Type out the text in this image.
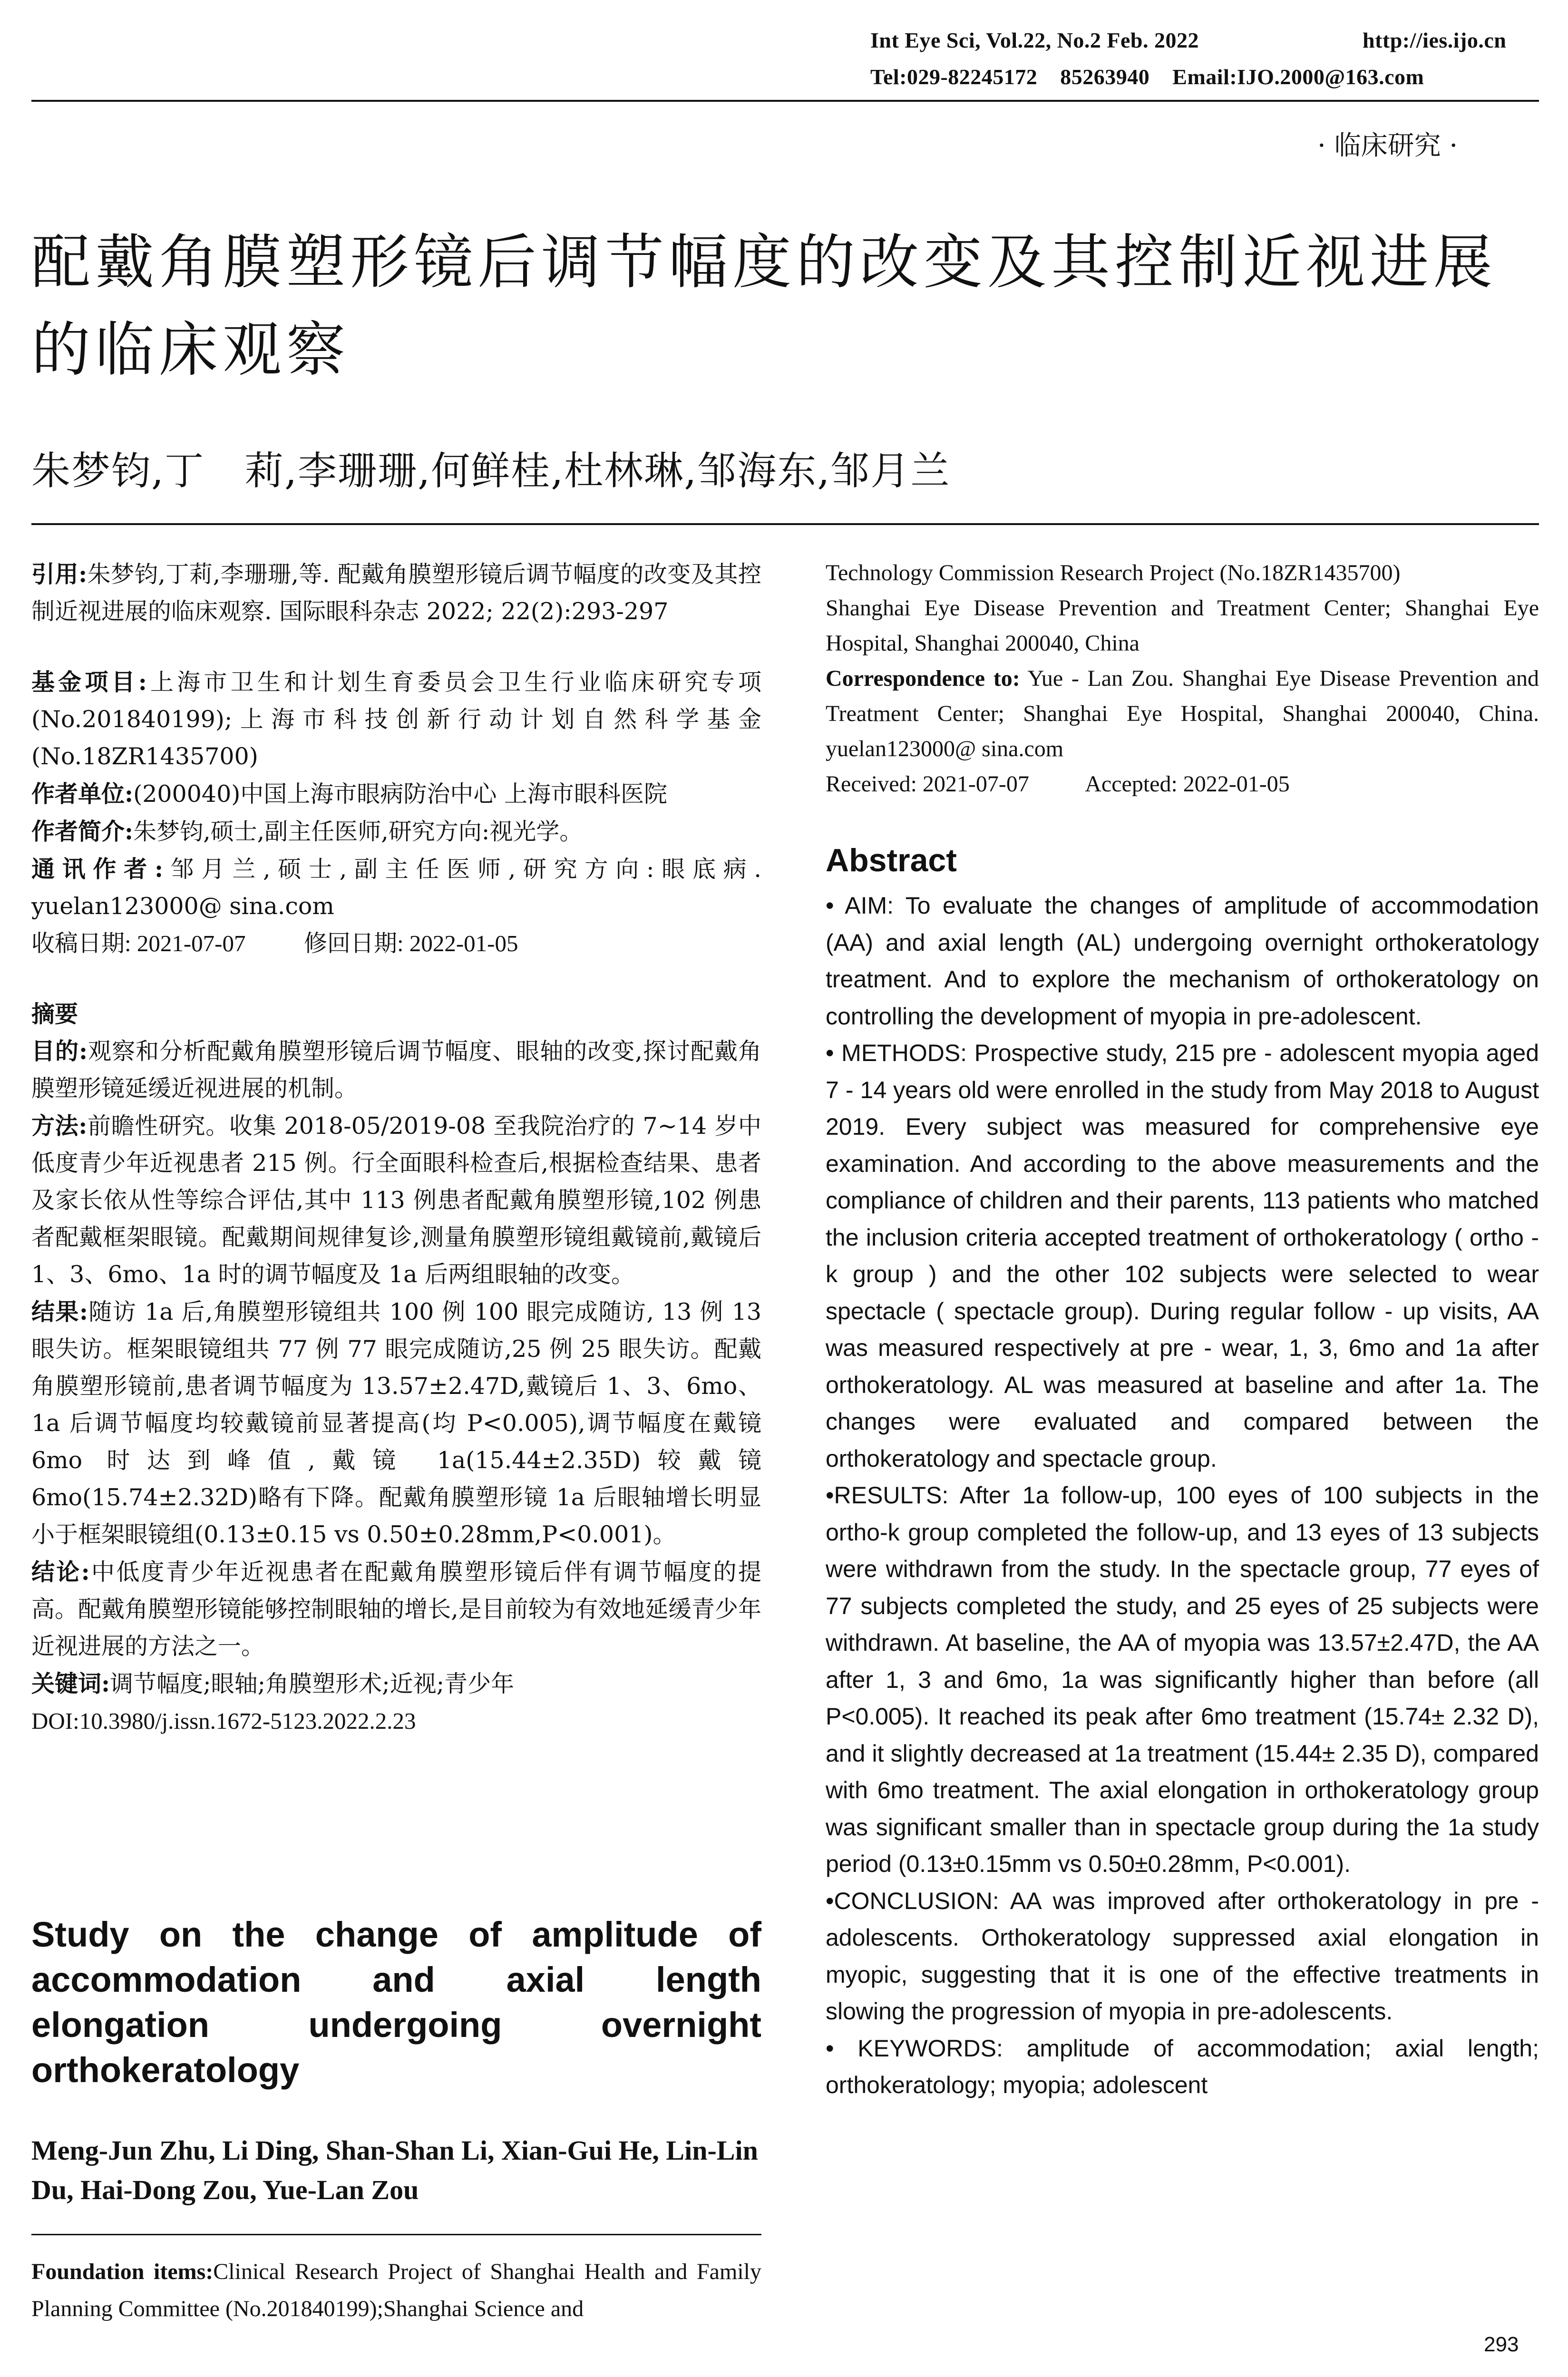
Int Eye Sci, Vol.22, No.2 Feb. 2022	http://ies.ijo.cn
Tel:029-82245172    85263940    Email:IJO.2000@163.com
· 临床研究 ·
配戴角膜塑形镜后调节幅度的改变及其控制近视进展的临床观察
朱梦钧,丁　莉,李珊珊,何鲜桂,杜林琳,邹海东,邹月兰

引用:朱梦钧,丁莉,李珊珊,等. 配戴角膜塑形镜后调节幅度的改变及其控制近视进展的临床观察. 国际眼科杂志 2022; 22(2):293-297

基金项目:上海市卫生和计划生育委员会卫生行业临床研究专项(No.201840199);上海市科技创新行动计划自然科学基金(No.18ZR1435700)

作者单位:(200040)中国上海市眼病防治中心 上海市眼科医院

作者简介:朱梦钧,硕士,副主任医师,研究方向:视光学。

通讯作者:邹月兰,硕士,副主任医师,研究方向:眼底病. yuelan123000@ sina.com

收稿日期: 2021-07-07	修回日期: 2022-01-05

摘要

目的:观察和分析配戴角膜塑形镜后调节幅度、眼轴的改变,探讨配戴角膜塑形镜延缓近视进展的机制。

方法:前瞻性研究。收集 2018-05/2019-08 至我院治疗的 7~14 岁中低度青少年近视患者 215 例。行全面眼科检查后,根据检查结果、患者及家长依从性等综合评估,其中 113 例患者配戴角膜塑形镜,102 例患者配戴框架眼镜。配戴期间规律复诊,测量角膜塑形镜组戴镜前,戴镜后 1、3、6mo、1a 时的调节幅度及 1a 后两组眼轴的改变。

结果:随访 1a 后,角膜塑形镜组共 100 例 100 眼完成随访, 13 例 13 眼失访。框架眼镜组共 77 例 77 眼完成随访,25 例 25 眼失访。配戴角膜塑形镜前,患者调节幅度为 13.57±2.47D,戴镜后 1、3、6mo、1a 后调节幅度均较戴镜前显著提高(均 P<0.005),调节幅度在戴镜 6mo 时达到峰值,戴镜 1a(15.44±2.35D)较戴镜 6mo(15.74±2.32D)略有下降。配戴角膜塑形镜 1a 后眼轴增长明显小于框架眼镜组(0.13±0.15 vs 0.50±0.28mm,P<0.001)。

结论:中低度青少年近视患者在配戴角膜塑形镜后伴有调节幅度的提高。配戴角膜塑形镜能够控制眼轴的增长,是目前较为有效地延缓青少年近视进展的方法之一。

关键词:调节幅度;眼轴;角膜塑形术;近视;青少年

DOI:10.3980/j.issn.1672-5123.2022.2.23

Study on the change of amplitude of accommodation and axial length elongation undergoing overnight orthokeratology
Meng-Jun Zhu, Li Ding, Shan-Shan Li, Xian-Gui He, Lin-Lin Du, Hai-Dong Zou, Yue-Lan Zou

Foundation items:Clinical Research Project of Shanghai Health and Family Planning Committee (No.201840199);Shanghai Science and

Technology Commission Research Project (No.18ZR1435700)

Shanghai Eye Disease Prevention and Treatment Center; Shanghai Eye Hospital, Shanghai 200040, China

Correspondence to: Yue - Lan Zou. Shanghai Eye Disease Prevention and Treatment Center; Shanghai Eye Hospital, Shanghai 200040, China. yuelan123000@ sina.com

Received: 2021-07-07 Accepted: 2022-01-05

Abstract

• AIM: To evaluate the changes of amplitude of accommodation (AA) and axial length (AL) undergoing overnight orthokeratology treatment. And to explore the mechanism of orthokeratology on controlling the development of myopia in pre-adolescent.

• METHODS: Prospective study, 215 pre - adolescent myopia aged 7 - 14 years old were enrolled in the study from May 2018 to August 2019. Every subject was measured for comprehensive eye examination. And according to the above measurements and the compliance of children and their parents, 113 patients who matched the inclusion criteria accepted treatment of orthokeratology ( ortho - k group ) and the other 102 subjects were selected to wear spectacle ( spectacle group). During regular follow - up visits, AA was measured respectively at pre - wear, 1, 3, 6mo and 1a after orthokeratology. AL was measured at baseline and after 1a. The changes were evaluated and compared between the orthokeratology and spectacle group.

•RESULTS: After 1a follow-up, 100 eyes of 100 subjects in the ortho-k group completed the follow-up, and 13 eyes of 13 subjects were withdrawn from the study. In the spectacle group, 77 eyes of 77 subjects completed the study, and 25 eyes of 25 subjects were withdrawn. At baseline, the AA of myopia was 13.57±2.47D, the AA after 1, 3 and 6mo, 1a was significantly higher than before (all P<0.005). It reached its peak after 6mo treatment (15.74± 2.32 D), and it slightly decreased at 1a treatment (15.44± 2.35 D), compared with 6mo treatment. The axial elongation in orthokeratology group was significant smaller than in spectacle group during the 1a study period (0.13±0.15mm vs 0.50±0.28mm, P<0.001).

•CONCLUSION: AA was improved after orthokeratology in pre - adolescents. Orthokeratology suppressed axial elongation in myopic, suggesting that it is one of the effective treatments in slowing the progression of myopia in pre-adolescents.

• KEYWORDS: amplitude of accommodation; axial length; orthokeratology; myopia; adolescent

293
